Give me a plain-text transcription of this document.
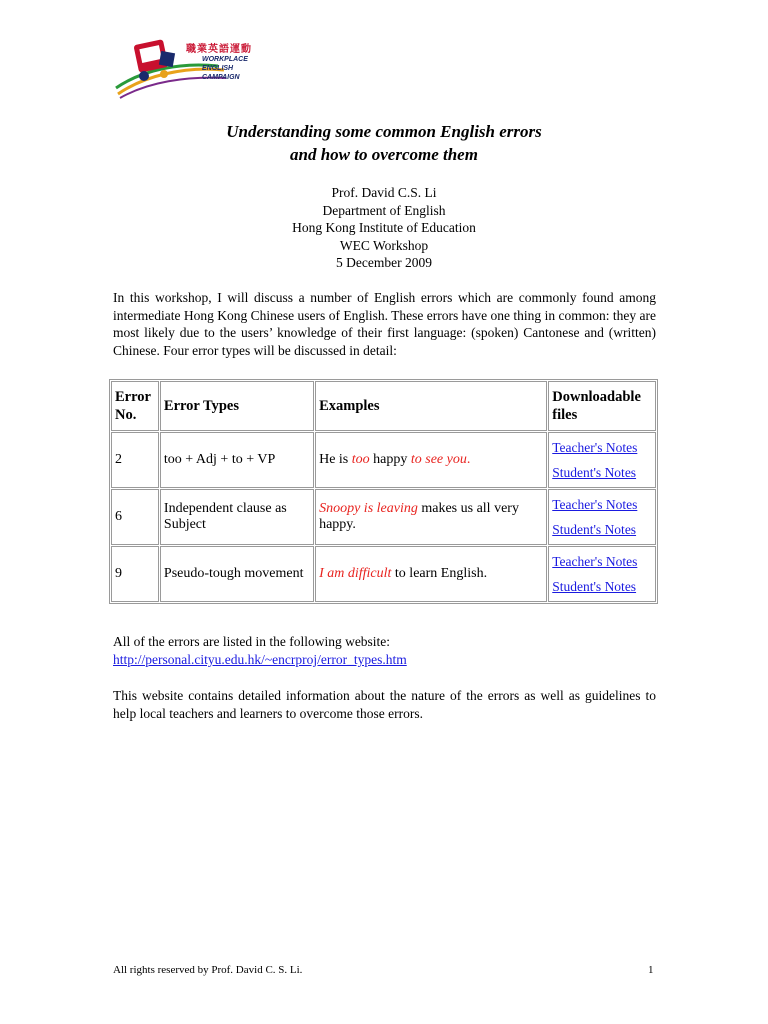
職業英語運動
WORKPLACE
ENGLISH
CAMPAIGN
Understanding some common English errors
and how to overcome them
Prof. David C.S. Li
Department of English
Hong Kong Institute of Education
WEC Workshop
5 December 2009
In this workshop, I will discuss a number of English errors which are commonly found among intermediate Hong Kong Chinese users of English. These errors have one thing in common: they are most likely due to the users’ knowledge of their first language: (spoken) Cantonese and (written) Chinese. Four error types will be discussed in detail:
Error
No.	Error Types	Examples	Downloadable
files
2	too + Adj + to + VP	He is too happy to see you.	Teacher's Notes
Student's Notes

6	Independent clause as Subject	Snoopy is leaving makes us all very happy.	Teacher's Notes
Student's Notes

9	Pseudo-tough movement	I am difficult to learn English.	Teacher's Notes
Student's Notes
All of the errors are listed in the following website:
http://personal.cityu.edu.hk/~encrproj/error_types.htm
This website contains detailed information about the nature of the errors as well as guidelines to help local teachers and learners to overcome those errors.
All rights reserved by Prof. David C. S. Li.	1
